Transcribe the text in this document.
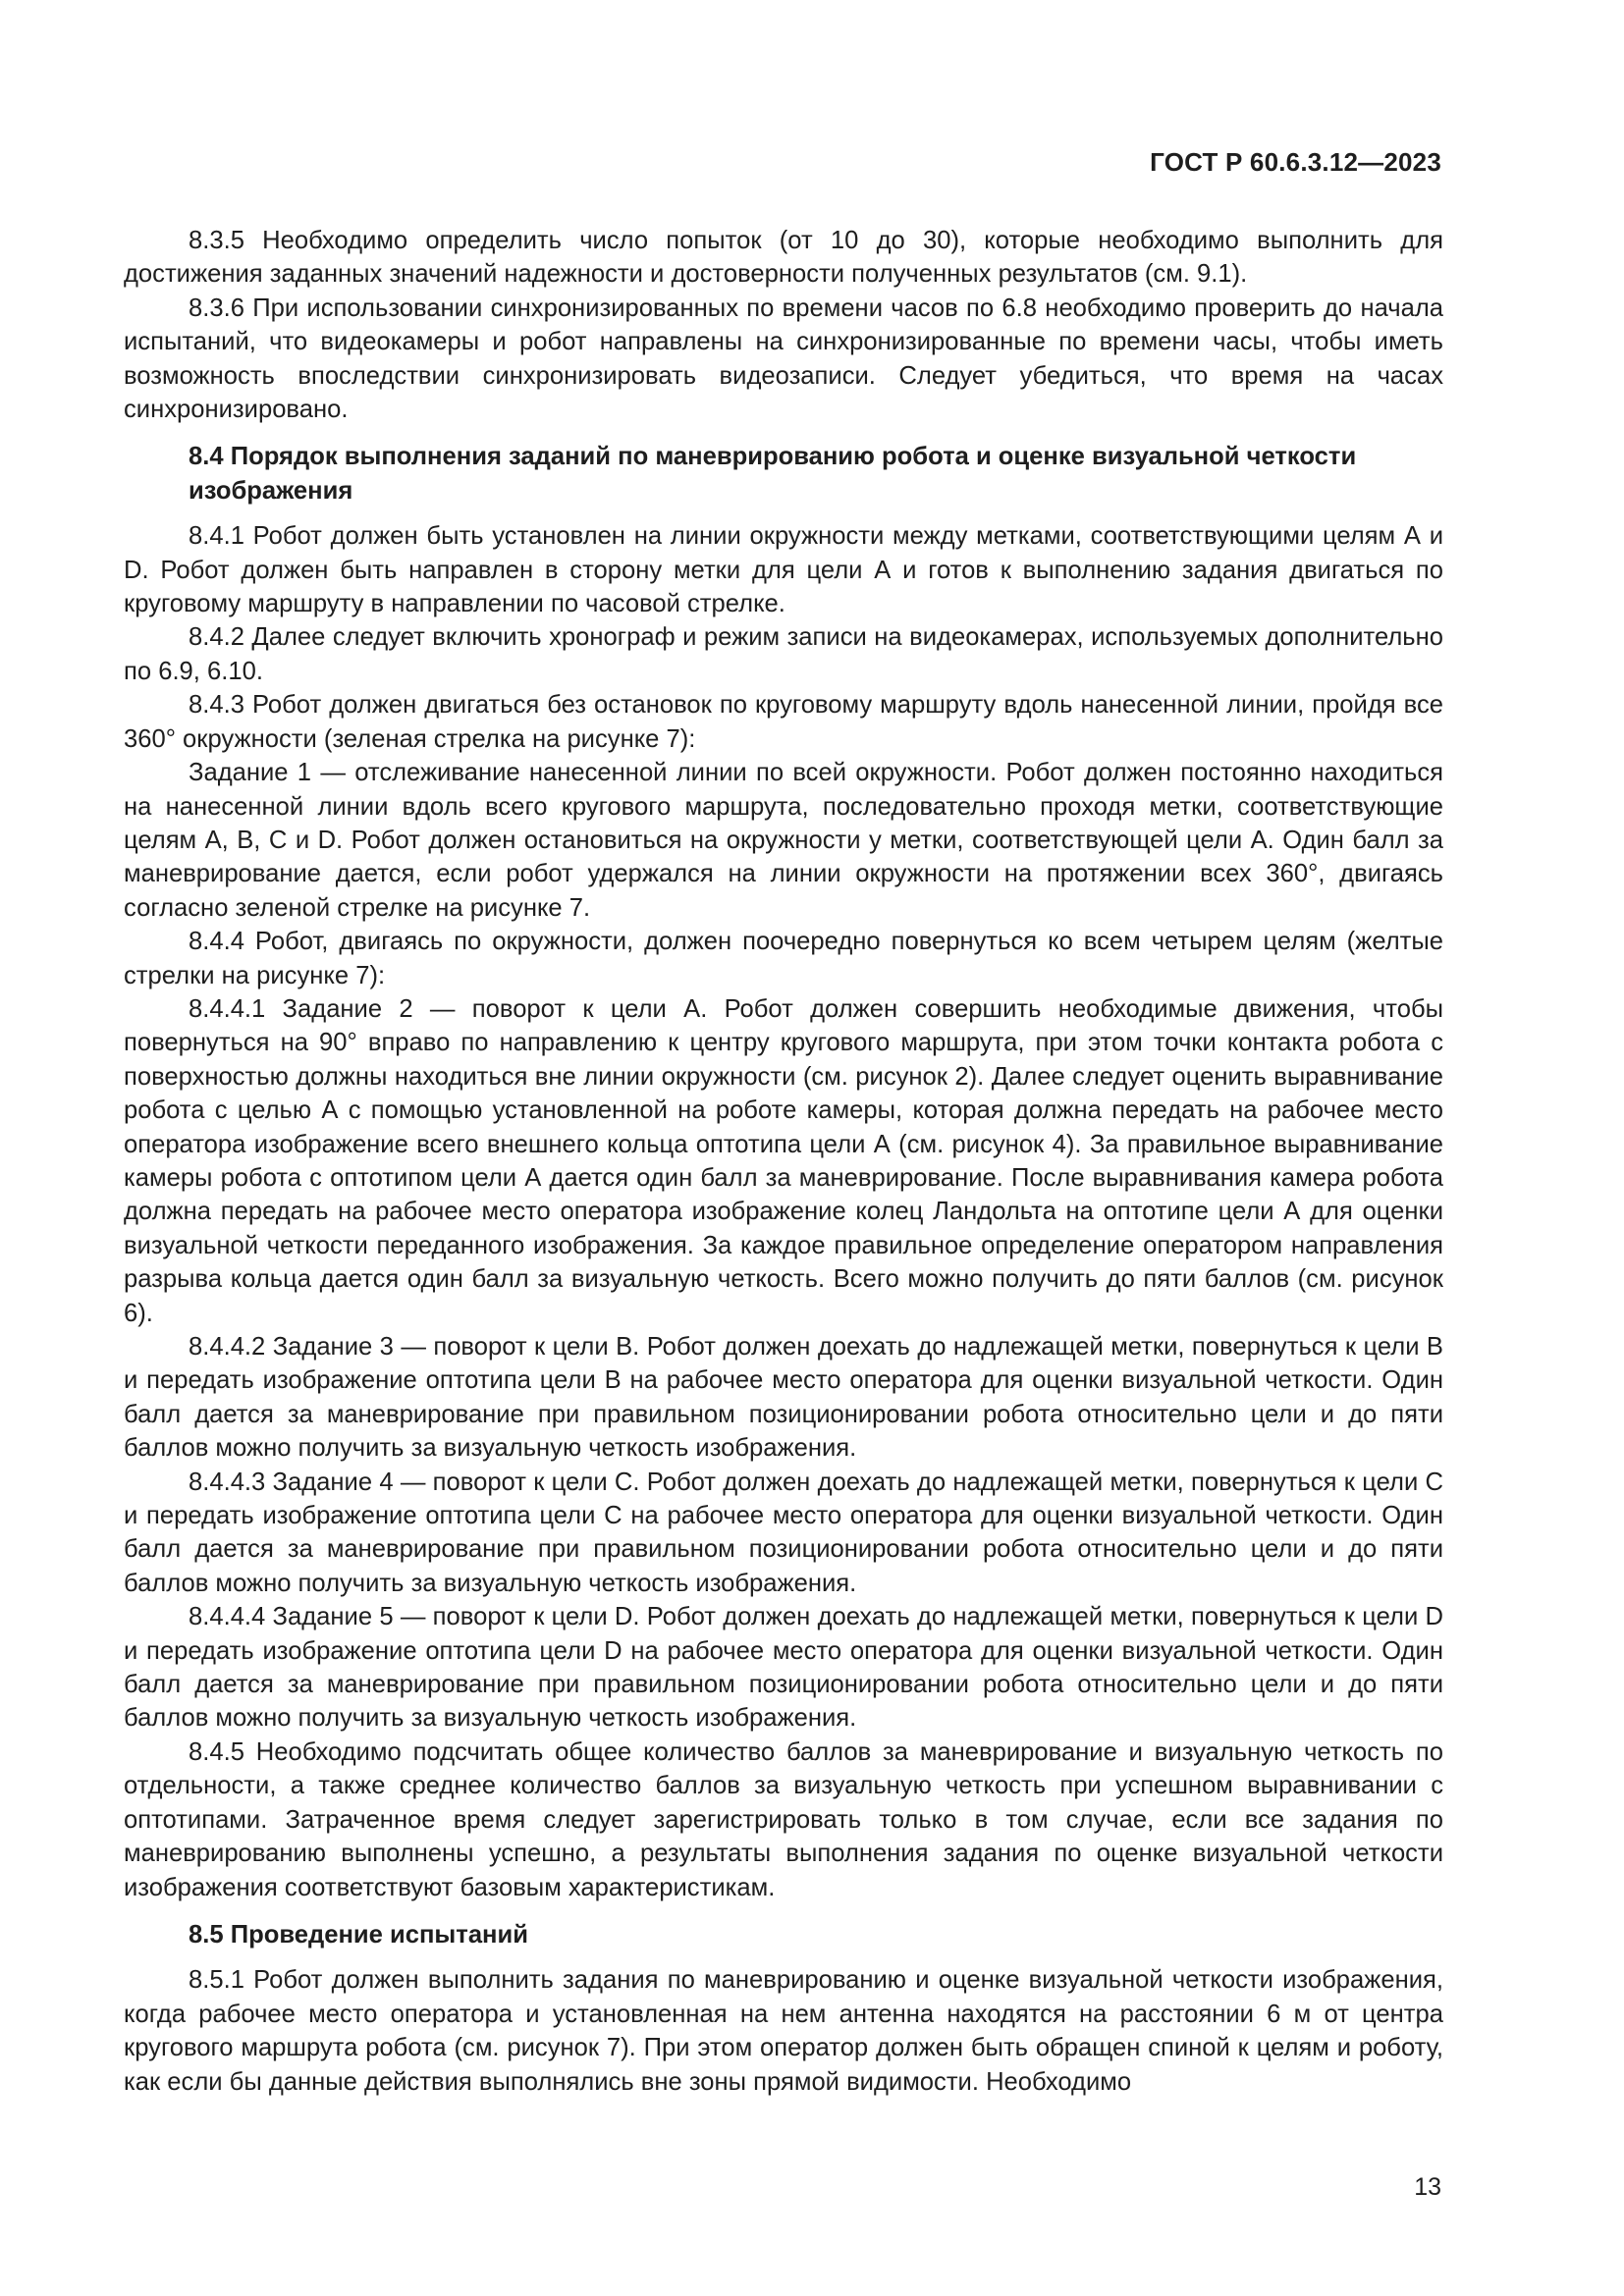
ГОСТ Р 60.6.3.12—2023

8.3.5 Необходимо определить число попыток (от 10 до 30), которые необходимо выполнить для достижения заданных значений надежности и достоверности полученных результатов (см. 9.1).

8.3.6 При использовании синхронизированных по времени часов по 6.8 необходимо проверить до начала испытаний, что видеокамеры и робот направлены на синхронизированные по времени часы, чтобы иметь возможность впоследствии синхронизировать видеозаписи. Следует убедиться, что время на часах синхронизировано.

8.4 Порядок выполнения заданий по маневрированию робота и оценке визуальной четкости изображения

8.4.1 Робот должен быть установлен на линии окружности между метками, соответствующими целям А и D. Робот должен быть направлен в сторону метки для цели А и готов к выполнению задания двигаться по круговому маршруту в направлении по часовой стрелке.

8.4.2 Далее следует включить хронограф и режим записи на видеокамерах, используемых дополнительно по 6.9, 6.10.

8.4.3 Робот должен двигаться без остановок по круговому маршруту вдоль нанесенной линии, пройдя все 360° окружности (зеленая стрелка на рисунке 7):

Задание 1 — отслеживание нанесенной линии по всей окружности. Робот должен постоянно находиться на нанесенной линии вдоль всего кругового маршрута, последовательно проходя метки, соответствующие целям А, В, С и D. Робот должен остановиться на окружности у метки, соответствующей цели А. Один балл за маневрирование дается, если робот удержался на линии окружности на протяжении всех 360°, двигаясь согласно зеленой стрелке на рисунке 7.

8.4.4 Робот, двигаясь по окружности, должен поочередно повернуться ко всем четырем целям (желтые стрелки на рисунке 7):

8.4.4.1 Задание 2 — поворот к цели А. Робот должен совершить необходимые движения, чтобы повернуться на 90° вправо по направлению к центру кругового маршрута, при этом точки контакта робота с поверхностью должны находиться вне линии окружности (см. рисунок 2). Далее следует оценить выравнивание робота с целью А с помощью установленной на роботе камеры, которая должна передать на рабочее место оператора изображение всего внешнего кольца оптотипа цели А (см. рисунок 4). За правильное выравнивание камеры робота с оптотипом цели А дается один балл за маневрирование. После выравнивания камера робота должна передать на рабочее место оператора изображение колец Ландольта на оптотипе цели А для оценки визуальной четкости переданного изображения. За каждое правильное определение оператором направления разрыва кольца дается один балл за визуальную четкость. Всего можно получить до пяти баллов (см. рисунок 6).

8.4.4.2 Задание 3 — поворот к цели В. Робот должен доехать до надлежащей метки, повернуться к цели В и передать изображение оптотипа цели В на рабочее место оператора для оценки визуальной четкости. Один балл дается за маневрирование при правильном позиционировании робота относительно цели и до пяти баллов можно получить за визуальную четкость изображения.

8.4.4.3 Задание 4 — поворот к цели С. Робот должен доехать до надлежащей метки, повернуться к цели С и передать изображение оптотипа цели С на рабочее место оператора для оценки визуальной четкости. Один балл дается за маневрирование при правильном позиционировании робота относительно цели и до пяти баллов можно получить за визуальную четкость изображения.

8.4.4.4 Задание 5 — поворот к цели D. Робот должен доехать до надлежащей метки, повернуться к цели D и передать изображение оптотипа цели D на рабочее место оператора для оценки визуальной четкости. Один балл дается за маневрирование при правильном позиционировании робота относительно цели и до пяти баллов можно получить за визуальную четкость изображения.

8.4.5 Необходимо подсчитать общее количество баллов за маневрирование и визуальную четкость по отдельности, а также среднее количество баллов за визуальную четкость при успешном выравнивании с оптотипами. Затраченное время следует зарегистрировать только в том случае, если все задания по маневрированию выполнены успешно, а результаты выполнения задания по оценке визуальной четкости изображения соответствуют базовым характеристикам.

8.5 Проведение испытаний

8.5.1 Робот должен выполнить задания по маневрированию и оценке визуальной четкости изображения, когда рабочее место оператора и установленная на нем антенна находятся на расстоянии 6 м от центра кругового маршрута робота (см. рисунок 7). При этом оператор должен быть обращен спиной к целям и роботу, как если бы данные действия выполнялись вне зоны прямой видимости. Необходимо

13
